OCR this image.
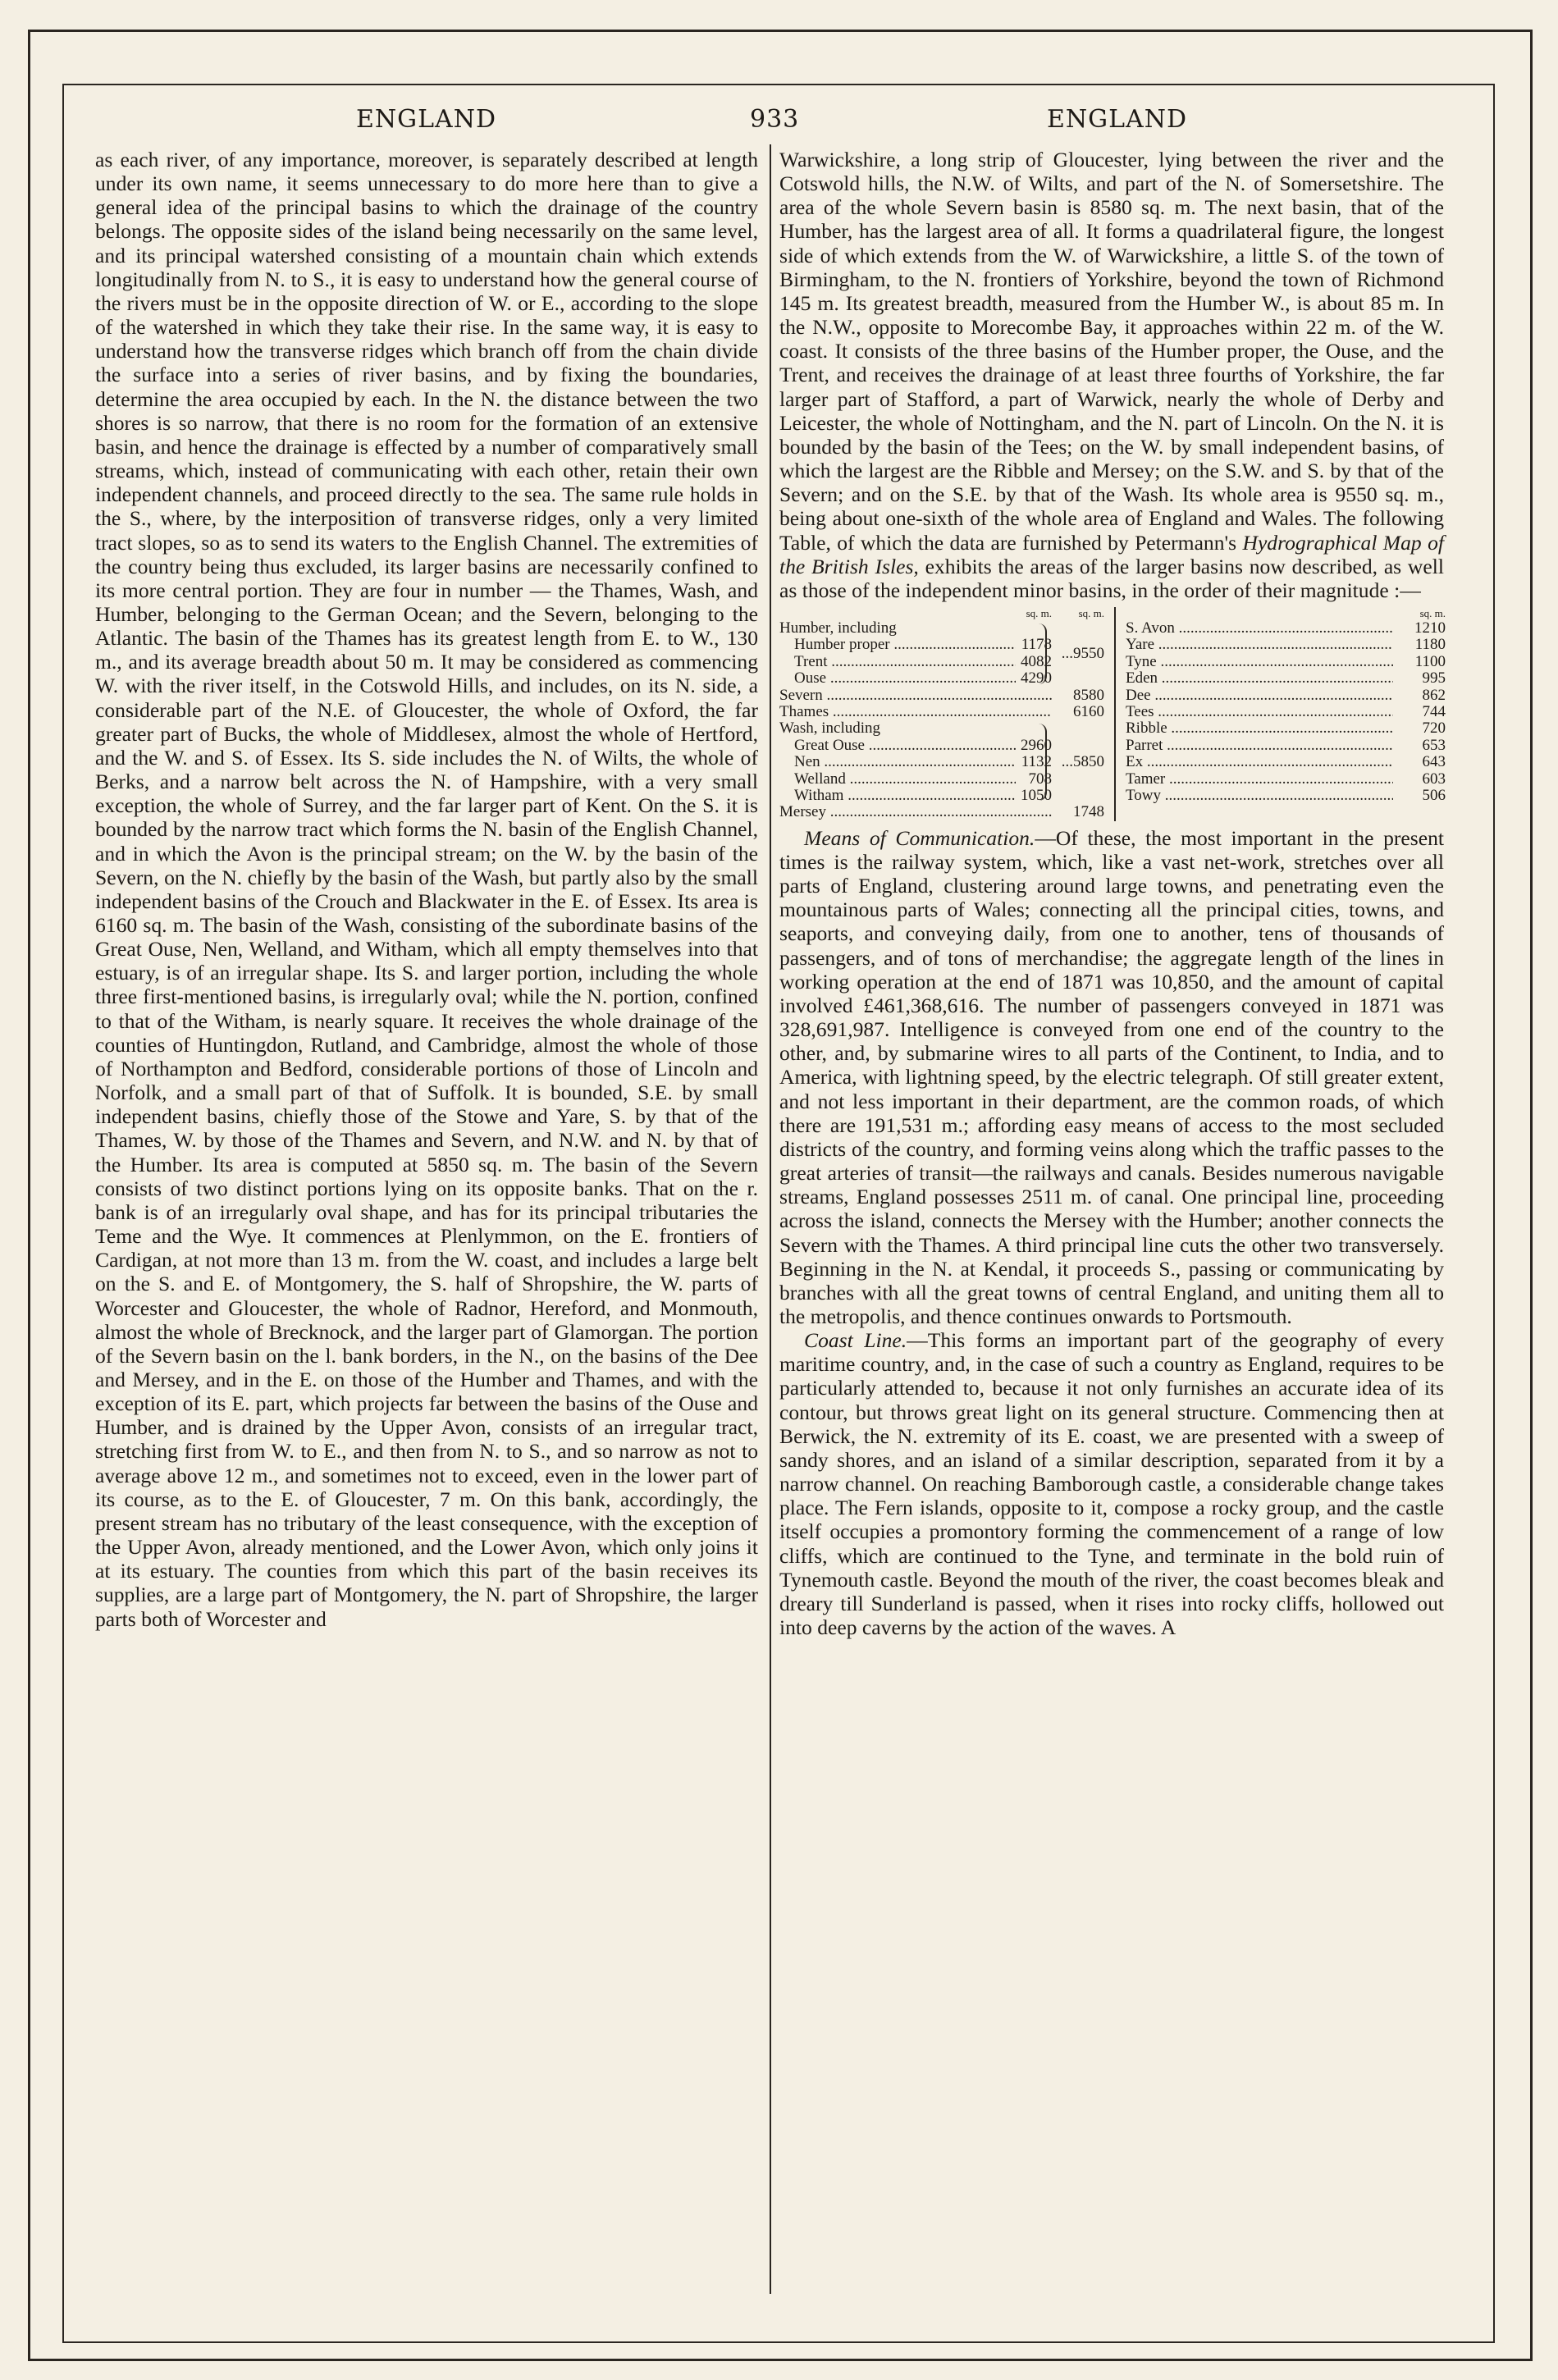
ENGLAND	933	ENGLAND

as each river, of any importance, moreover, is separately described at length under its own name, it seems unnecessary to do more here than to give a general idea of the principal basins to which the drainage of the country belongs. The opposite sides of the island being necessarily on the same level, and its principal watershed consisting of a mountain chain which extends longitudinally from N. to S., it is easy to understand how the general course of the rivers must be in the opposite direction of W. or E., according to the slope of the watershed in which they take their rise. In the same way, it is easy to understand how the transverse ridges which branch off from the chain divide the surface into a series of river basins, and by fixing the boundaries, determine the area occupied by each. In the N. the distance between the two shores is so narrow, that there is no room for the formation of an extensive basin, and hence the drainage is effected by a number of comparatively small streams, which, instead of communicating with each other, retain their own independent channels, and proceed directly to the sea. The same rule holds in the S., where, by the interposition of transverse ridges, only a very limited tract slopes, so as to send its waters to the English Channel. The extremities of the country being thus excluded, its larger basins are necessarily confined to its more central portion. They are four in number — the Thames, Wash, and Humber, belonging to the German Ocean; and the Severn, belonging to the Atlantic. The basin of the Thames has its greatest length from E. to W., 130 m., and its average breadth about 50 m. It may be considered as commencing W. with the river itself, in the Cotswold Hills, and includes, on its N. side, a considerable part of the N.E. of Gloucester, the whole of Oxford, the far greater part of Bucks, the whole of Middlesex, almost the whole of Hertford, and the W. and S. of Essex. Its S. side includes the N. of Wilts, the whole of Berks, and a narrow belt across the N. of Hampshire, with a very small exception, the whole of Surrey, and the far larger part of Kent. On the S. it is bounded by the narrow tract which forms the N. basin of the English Channel, and in which the Avon is the principal stream; on the W. by the basin of the Severn, on the N. chiefly by the basin of the Wash, but partly also by the small independent basins of the Crouch and Blackwater in the E. of Essex. Its area is 6160 sq. m. The basin of the Wash, consisting of the subordinate basins of the Great Ouse, Nen, Welland, and Witham, which all empty themselves into that estuary, is of an irregular shape. Its S. and larger portion, including the whole three first-mentioned basins, is irregularly oval; while the N. portion, confined to that of the Witham, is nearly square. It receives the whole drainage of the counties of Huntingdon, Rutland, and Cambridge, almost the whole of those of Northampton and Bedford, considerable portions of those of Lincoln and Norfolk, and a small part of that of Suffolk. It is bounded, S.E. by small independent basins, chiefly those of the Stowe and Yare, S. by that of the Thames, W. by those of the Thames and Severn, and N.W. and N. by that of the Humber. Its area is computed at 5850 sq. m. The basin of the Severn consists of two distinct portions lying on its opposite banks. That on the r. bank is of an irregularly oval shape, and has for its principal tributaries the Teme and the Wye. It commences at Plenlymmon, on the E. frontiers of Cardigan, at not more than 13 m. from the W. coast, and includes a large belt on the S. and E. of Montgomery, the S. half of Shropshire, the W. parts of Worcester and Gloucester, the whole of Radnor, Hereford, and Monmouth, almost the whole of Brecknock, and the larger part of Glamorgan. The portion of the Severn basin on the l. bank borders, in the N., on the basins of the Dee and Mersey, and in the E. on those of the Humber and Thames, and with the exception of its E. part, which projects far between the basins of the Ouse and Humber, and is drained by the Upper Avon, consists of an irregular tract, stretching first from W. to E., and then from N. to S., and so narrow as not to average above 12 m., and sometimes not to exceed, even in the lower part of its course, as to the E. of Gloucester, 7 m. On this bank, accordingly, the present stream has no tributary of the least consequence, with the exception of the Upper Avon, already mentioned, and the Lower Avon, which only joins it at its estuary. The counties from which this part of the basin receives its supplies, are a large part of Montgomery, the N. part of Shropshire, the larger parts both of Worcester and

Warwickshire, a long strip of Gloucester, lying between the river and the Cotswold hills, the N.W. of Wilts, and part of the N. of Somersetshire. The area of the whole Severn basin is 8580 sq. m. The next basin, that of the Humber, has the largest area of all. It forms a quadrilateral figure, the longest side of which extends from the W. of Warwickshire, a little S. of the town of Birmingham, to the N. frontiers of Yorkshire, beyond the town of Richmond 145 m. Its greatest breadth, measured from the Humber W., is about 85 m. In the N.W., opposite to Morecombe Bay, it approaches within 22 m. of the W. coast. It consists of the three basins of the Humber proper, the Ouse, and the Trent, and receives the drainage of at least three fourths of Yorkshire, the far larger part of Stafford, a part of Warwick, nearly the whole of Derby and Leicester, the whole of Nottingham, and the N. part of Lincoln. On the N. it is bounded by the basin of the Tees; on the W. by small independent basins, of which the largest are the Ribble and Mersey; on the S.W. and S. by that of the Severn; and on the S.E. by that of the Wash. Its whole area is 9550 sq. m., being about one-sixth of the whole area of England and Wales. The following Table, of which the data are furnished by Petermann's Hydrographical Map of the British Isles, exhibits the areas of the larger basins now described, as well as those of the independent minor basins, in the order of their magnitude :—

sq. m.	sq. m.
Humber, including
Humber proper .....	1178
Trent .....	4082
Ouse .....	4290
...9550
Severn .....	8580
Thames .....	6160
Wash, including
Great Ouse .....	2960
Nen .....	1132
Welland .....	708
Witham .....	1050
...5850
Mersey .....	1748
sq. m.
S. Avon .....	1210
Yare .....	1180
Tyne .....	1100
Eden .....	995
Dee .....	862
Tees .....	744
Ribble .....	720
Parret .....	653
Ex .....	643
Tamer .....	603
Towy .....	506

Means of Communication.—Of these, the most important in the present times is the railway system, which, like a vast net-work, stretches over all parts of England, clustering around large towns, and penetrating even the mountainous parts of Wales; connecting all the principal cities, towns, and seaports, and conveying daily, from one to another, tens of thousands of passengers, and of tons of merchandise; the aggregate length of the lines in working operation at the end of 1871 was 10,850, and the amount of capital involved £461,368,616. The number of passengers conveyed in 1871 was 328,691,987. Intelligence is conveyed from one end of the country to the other, and, by submarine wires to all parts of the Continent, to India, and to America, with lightning speed, by the electric telegraph. Of still greater extent, and not less important in their department, are the common roads, of which there are 191,531 m.; affording easy means of access to the most secluded districts of the country, and forming veins along which the traffic passes to the great arteries of transit—the railways and canals. Besides numerous navigable streams, England possesses 2511 m. of canal. One principal line, proceeding across the island, connects the Mersey with the Humber; another connects the Severn with the Thames. A third principal line cuts the other two transversely. Beginning in the N. at Kendal, it proceeds S., passing or communicating by branches with all the great towns of central England, and uniting them all to the metropolis, and thence continues onwards to Portsmouth.

Coast Line.—This forms an important part of the geography of every maritime country, and, in the case of such a country as England, requires to be particularly attended to, because it not only furnishes an accurate idea of its contour, but throws great light on its general structure. Commencing then at Berwick, the N. extremity of its E. coast, we are presented with a sweep of sandy shores, and an island of a similar description, separated from it by a narrow channel. On reaching Bamborough castle, a considerable change takes place. The Fern islands, opposite to it, compose a rocky group, and the castle itself occupies a promontory forming the commencement of a range of low cliffs, which are continued to the Tyne, and terminate in the bold ruin of Tynemouth castle. Beyond the mouth of the river, the coast becomes bleak and dreary till Sunderland is passed, when it rises into rocky cliffs, hollowed out into deep caverns by the action of the waves. A
